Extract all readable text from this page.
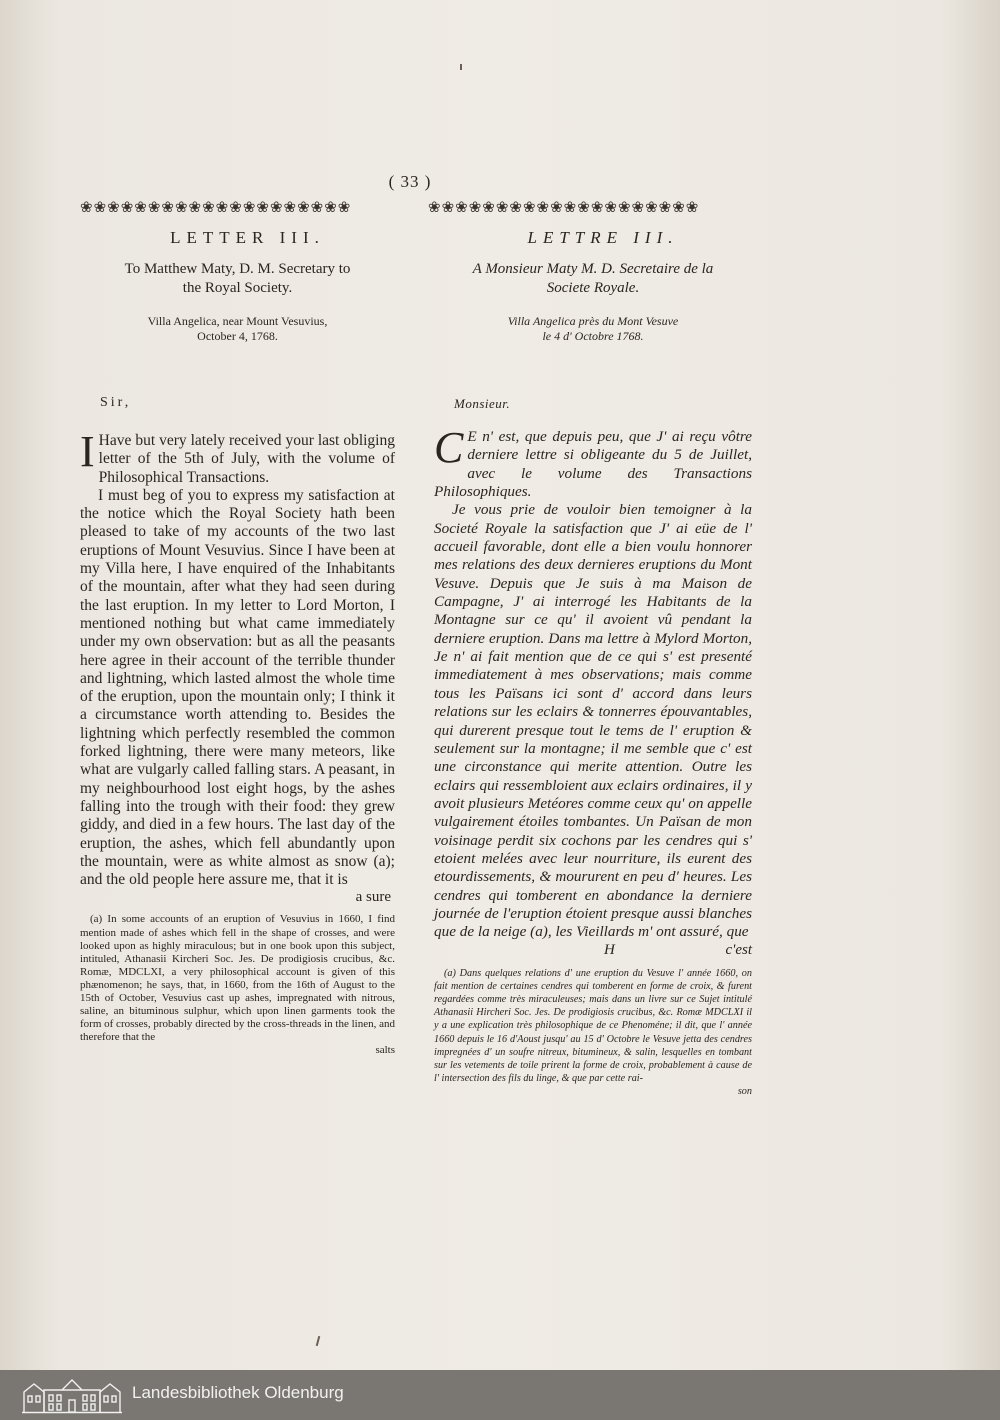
( 33 )
❀❀❀❀❀❀❀❀❀❀❀❀❀❀❀❀❀❀❀❀	❀❀❀❀❀❀❀❀❀❀❀❀❀❀❀❀❀❀❀❀
LETTER III.
To Matthew Maty, D. M. Secretary to
the Royal Society.
Villa Angelica, near Mount Vesuvius,
October 4, 1768.
Sir,

I Have but very lately received your last obliging letter of the 5th of July, with the volume of Philosophical Transactions.

I must beg of you to express my satisfaction at the notice which the Royal Society hath been pleased to take of my accounts of the two last eruptions of Mount Vesuvius. Since I have been at my Villa here, I have enquired of the Inhabitants of the mountain, after what they had seen during the last eruption. In my letter to Lord Morton, I mentioned nothing but what came immediately under my own observation: but as all the peasants here agree in their account of the terrible thunder and lightning, which lasted almost the whole time of the eruption, upon the mountain only; I think it a circumstance worth attending to. Besides the lightning which perfectly resembled the common forked lightning, there were many meteors, like what are vulgarly called falling stars. A peasant, in my neighbourhood lost eight hogs, by the ashes falling into the trough with their food: they grew giddy, and died in a few hours. The last day of the eruption, the ashes, which fell abundantly upon the mountain, were as white almost as snow (a); and the old people here assure me, that it is

a sure

(a) In some accounts of an eruption of Vesuvius in 1660, I find mention made of ashes which fell in the shape of crosses, and were looked upon as highly miraculous; but in one book upon this subject, intituled, Athanasii Kircheri Soc. Jes. De prodigiosis crucibus, &c. Romæ, MDCLXI, a very philosophical account is given of this phænomenon; he says, that, in 1660, from the 16th of August to the 15th of October, Vesuvius cast up ashes, impregnated with nitrous, saline, an bituminous sulphur, which upon linen garments took the form of crosses, probably directed by the cross-threads in the linen, and therefore that the

salts
LETTRE III.
A Monsieur Maty M. D. Secretaire de la
Societe Royale.
Villa Angelica près du Mont Vesuve
le 4 d' Octobre 1768.
Monsieur.

C E n' est, que depuis peu, que J' ai reçu vôtre derniere lettre si obligeante du 5 de Juillet, avec le volume des Transactions Philosophiques.

Je vous prie de vouloir bien temoigner à la Societé Royale la satisfaction que J' ai eüe de l' accueil favorable, dont elle a bien voulu honnorer mes relations des deux dernieres eruptions du Mont Vesuve. Depuis que Je suis à ma Maison de Campagne, J' ai interrogé les Habitants de la Montagne sur ce qu' il avoient vû pendant la derniere eruption. Dans ma lettre à Mylord Morton, Je n' ai fait mention que de ce qui s' est presenté immediatement à mes observations; mais comme tous les Païsans ici sont d' accord dans leurs relations sur les eclairs & tonnerres épouvantables, qui durerent presque tout le tems de l' eruption & seulement sur la montagne; il me semble que c' est une circonstance qui merite attention. Outre les eclairs qui ressembloient aux eclairs ordinaires, il y avoit plusieurs Metéores comme ceux qu' on appelle vulgairement étoiles tombantes. Un Païsan de mon voisinage perdit six cochons par les cendres qui s' etoient melées avec leur nourriture, ils eurent des etourdissements, & moururent en peu d' heures. Les cendres qui tomberent en abondance la derniere journée de l'eruption étoient presque aussi blanches que de la neige (a), les Vieillards m' ont assuré, que

H	c'est

(a) Dans quelques relations d' une eruption du Vesuve l' année 1660, on fait mention de certaines cendres qui tomberent en forme de croix, & furent regardées comme très miraculeuses; mais dans un livre sur ce Sujet intitulé Athanasii Hircheri Soc. Jes. De prodigiosis crucibus, &c. Romæ MDCLXI il y a une explication très philosophique de ce Phenoméne; il dit, que l' année 1660 depuis le 16 d'Aoust jusqu' au 15 d' Octobre le Vesuve jetta des cendres impregnées d' un soufre nitreux, bitumineux, & salin, lesquelles en tombant sur les vetements de toile prirent la forme de croix, probablement à cause de l' intersection des fils du linge, & que par cette rai-

son
Landesbibliothek Oldenburg
